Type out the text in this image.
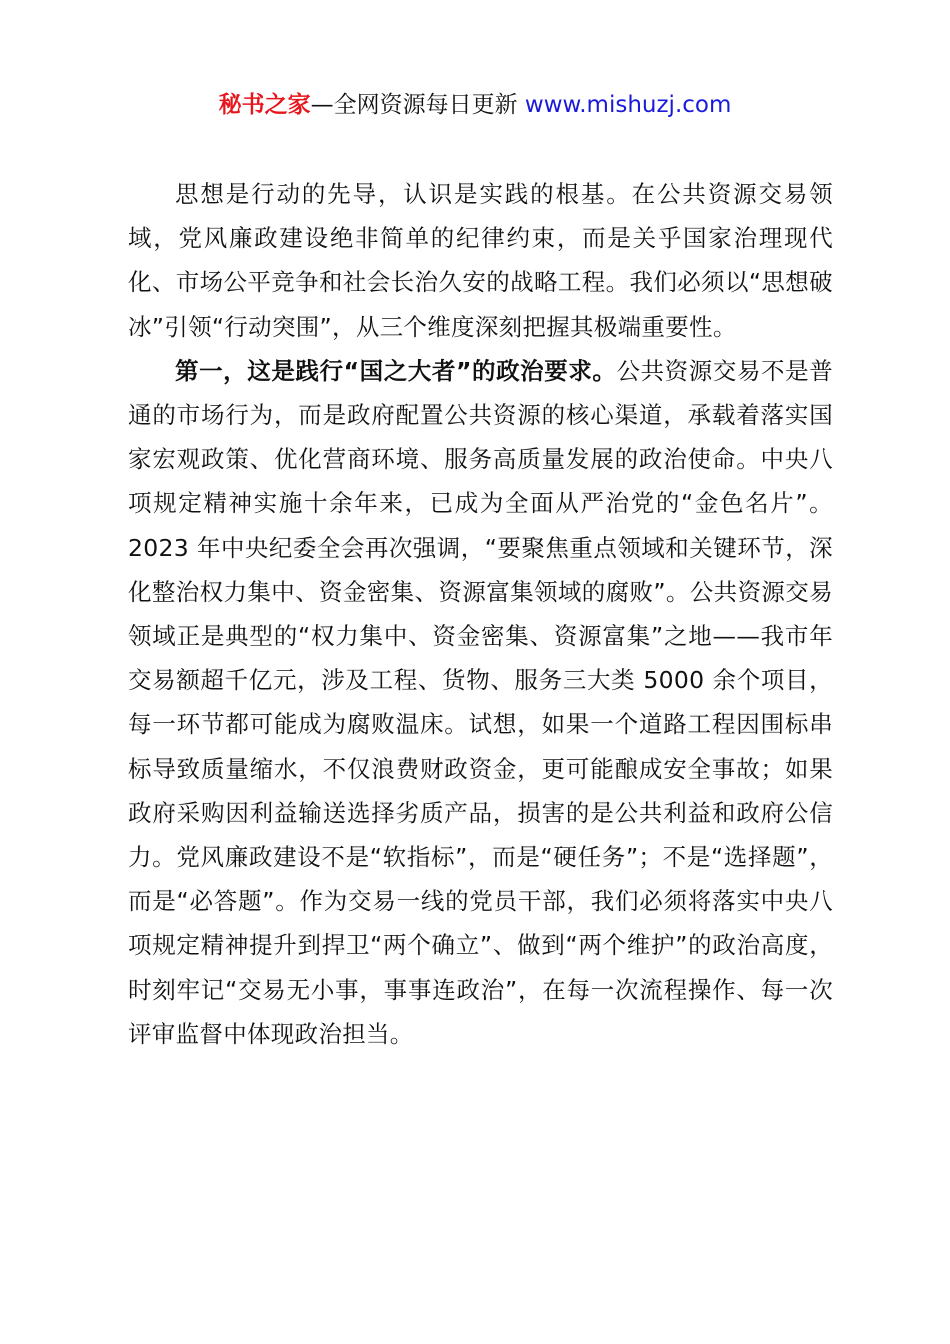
秘书之家—全网资源每日更新 www.mishuzj.com

思想是行动的先导，认识是实践的根基。在公共资源交易领域，党风廉政建设绝非简单的纪律约束，而是关乎国家治理现代化、市场公平竞争和社会长治久安的战略工程。我们必须以“思想破冰”引领“行动突围”，从三个维度深刻把握其极端重要性。

第一，这是践行“国之大者”的政治要求。公共资源交易不是普通的市场行为，而是政府配置公共资源的核心渠道，承载着落实国家宏观政策、优化营商环境、服务高质量发展的政治使命。中央八项规定精神实施十余年来，已成为全面从严治党的“金色名片”。2023 年中央纪委全会再次强调，“要聚焦重点领域和关键环节，深化整治权力集中、资金密集、资源富集领域的腐败”。公共资源交易领域正是典型的“权力集中、资金密集、资源富集”之地——我市年交易额超千亿元，涉及工程、货物、服务三大类 5000 余个项目，每一环节都可能成为腐败温床。试想，如果一个道路工程因围标串标导致质量缩水，不仅浪费财政资金，更可能酿成安全事故；如果政府采购因利益输送选择劣质产品，损害的是公共利益和政府公信力。党风廉政建设不是“软指标”，而是“硬任务”；不是“选择题”，而是“必答题”。作为交易一线的党员干部，我们必须将落实中央八项规定精神提升到捍卫“两个确立”、做到“两个维护”的政治高度，时刻牢记“交易无小事，事事连政治”，在每一次流程操作、每一次评审监督中体现政治担当。
